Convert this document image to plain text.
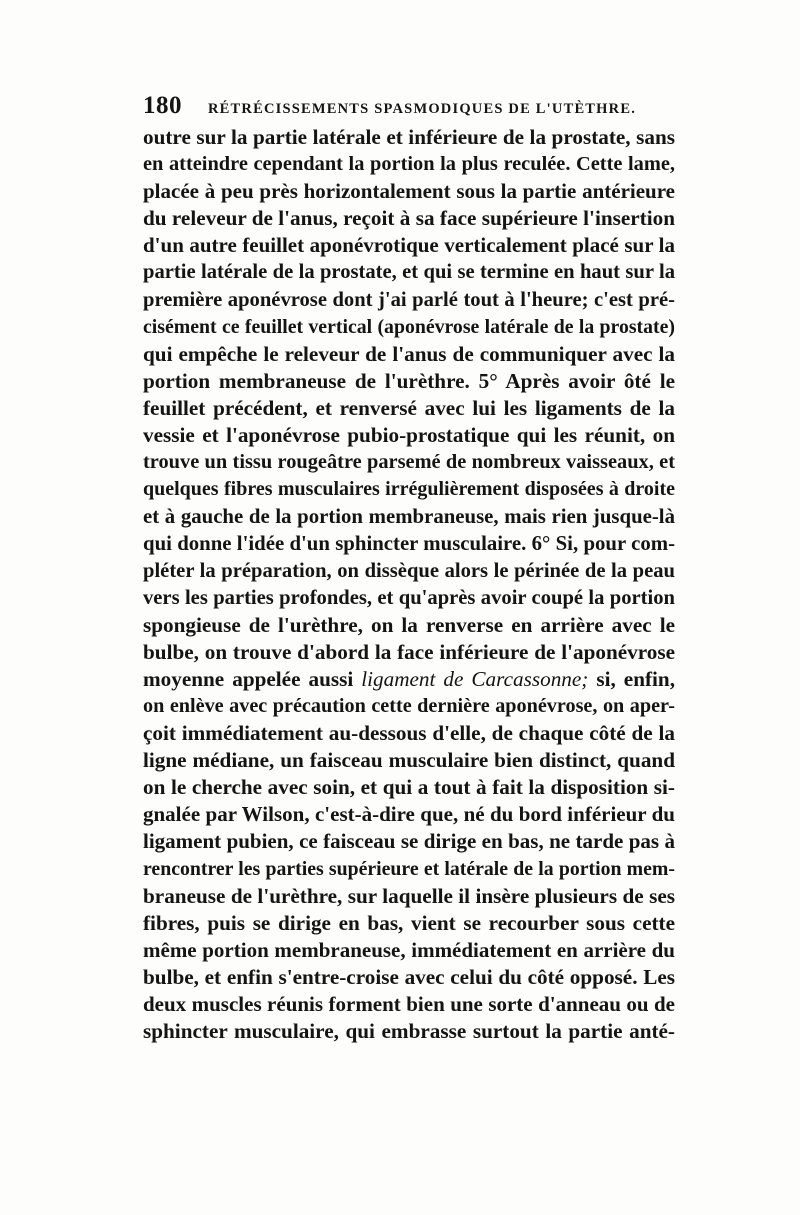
180 RÉTRÉCISSEMENTS SPASMODIQUES DE L'UTÈTHRE.
outre sur la partie latérale et inférieure de la prostate, sans
en atteindre cependant la portion la plus reculée. Cette lame,
placée à peu près horizontalement sous la partie antérieure
du releveur de l'anus, reçoit à sa face supérieure l'insertion
d'un autre feuillet aponévrotique verticalement placé sur la
partie latérale de la prostate, et qui se termine en haut sur la
première aponévrose dont j'ai parlé tout à l'heure; c'est pré-
cisément ce feuillet vertical (aponévrose latérale de la prostate)
qui empêche le releveur de l'anus de communiquer avec la
portion membraneuse de l'urèthre. 5° Après avoir ôté le
feuillet précédent, et renversé avec lui les ligaments de la
vessie et l'aponévrose pubio-prostatique qui les réunit, on
trouve un tissu rougeâtre parsemé de nombreux vaisseaux, et
quelques fibres musculaires irrégulièrement disposées à droite
et à gauche de la portion membraneuse, mais rien jusque-là
qui donne l'idée d'un sphincter musculaire. 6° Si, pour com-
pléter la préparation, on dissèque alors le périnée de la peau
vers les parties profondes, et qu'après avoir coupé la portion
spongieuse de l'urèthre, on la renverse en arrière avec le
bulbe, on trouve d'abord la face inférieure de l'aponévrose
moyenne appelée aussi ligament de Carcassonne; si, enfin,
on enlève avec précaution cette dernière aponévrose, on aper-
çoit immédiatement au-dessous d'elle, de chaque côté de la
ligne médiane, un faisceau musculaire bien distinct, quand
on le cherche avec soin, et qui a tout à fait la disposition si-
gnalée par Wilson, c'est-à-dire que, né du bord inférieur du
ligament pubien, ce faisceau se dirige en bas, ne tarde pas à
rencontrer les parties supérieure et latérale de la portion mem-
braneuse de l'urèthre, sur laquelle il insère plusieurs de ses
fibres, puis se dirige en bas, vient se recourber sous cette
même portion membraneuse, immédiatement en arrière du
bulbe, et enfin s'entre-croise avec celui du côté opposé. Les
deux muscles réunis forment bien une sorte d'anneau ou de
sphincter musculaire, qui embrasse surtout la partie anté-
